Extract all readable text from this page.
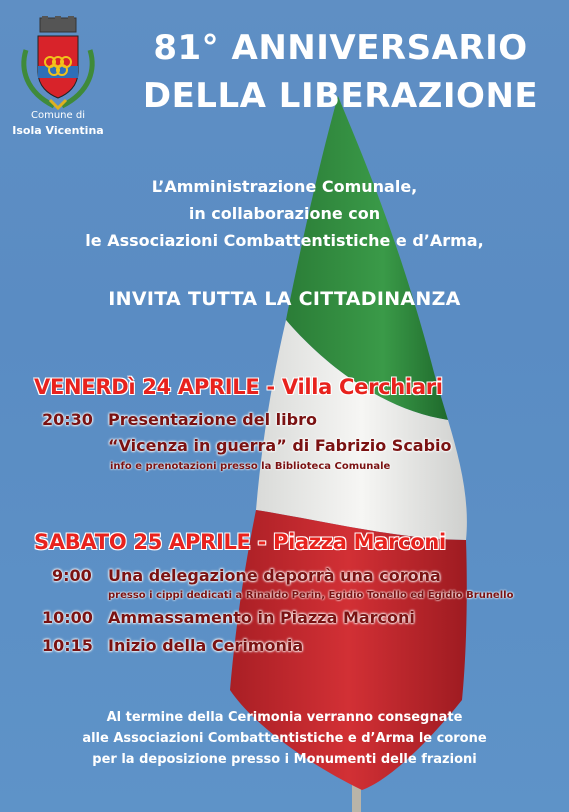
Comune di
Isola Vicentina
81° ANNIVERSARIO
DELLA LIBERAZIONE
L’Amministrazione Comunale,
in collaborazione con
le Associazioni Combattentistiche e d’Arma,
INVITA TUTTA LA CITTADINANZA
VENERDì 24 APRILE - Villa Cerchiari
20:30 Presentazione del libro
“Vicenza in guerra” di Fabrizio Scabio
info e prenotazioni presso la Biblioteca Comunale
SABATO 25 APRILE - Piazza Marconi
9:00 Una delegazione deporrà una corona
presso i cippi dedicati a Rinaldo Perin, Egidio Tonello ed Egidio Brunello
10:00 Ammassamento in Piazza Marconi
10:15 Inizio della Cerimonia
Al termine della Cerimonia verranno consegnate
alle Associazioni Combattentistiche e d’Arma le corone
per la deposizione presso i Monumenti delle frazioni
